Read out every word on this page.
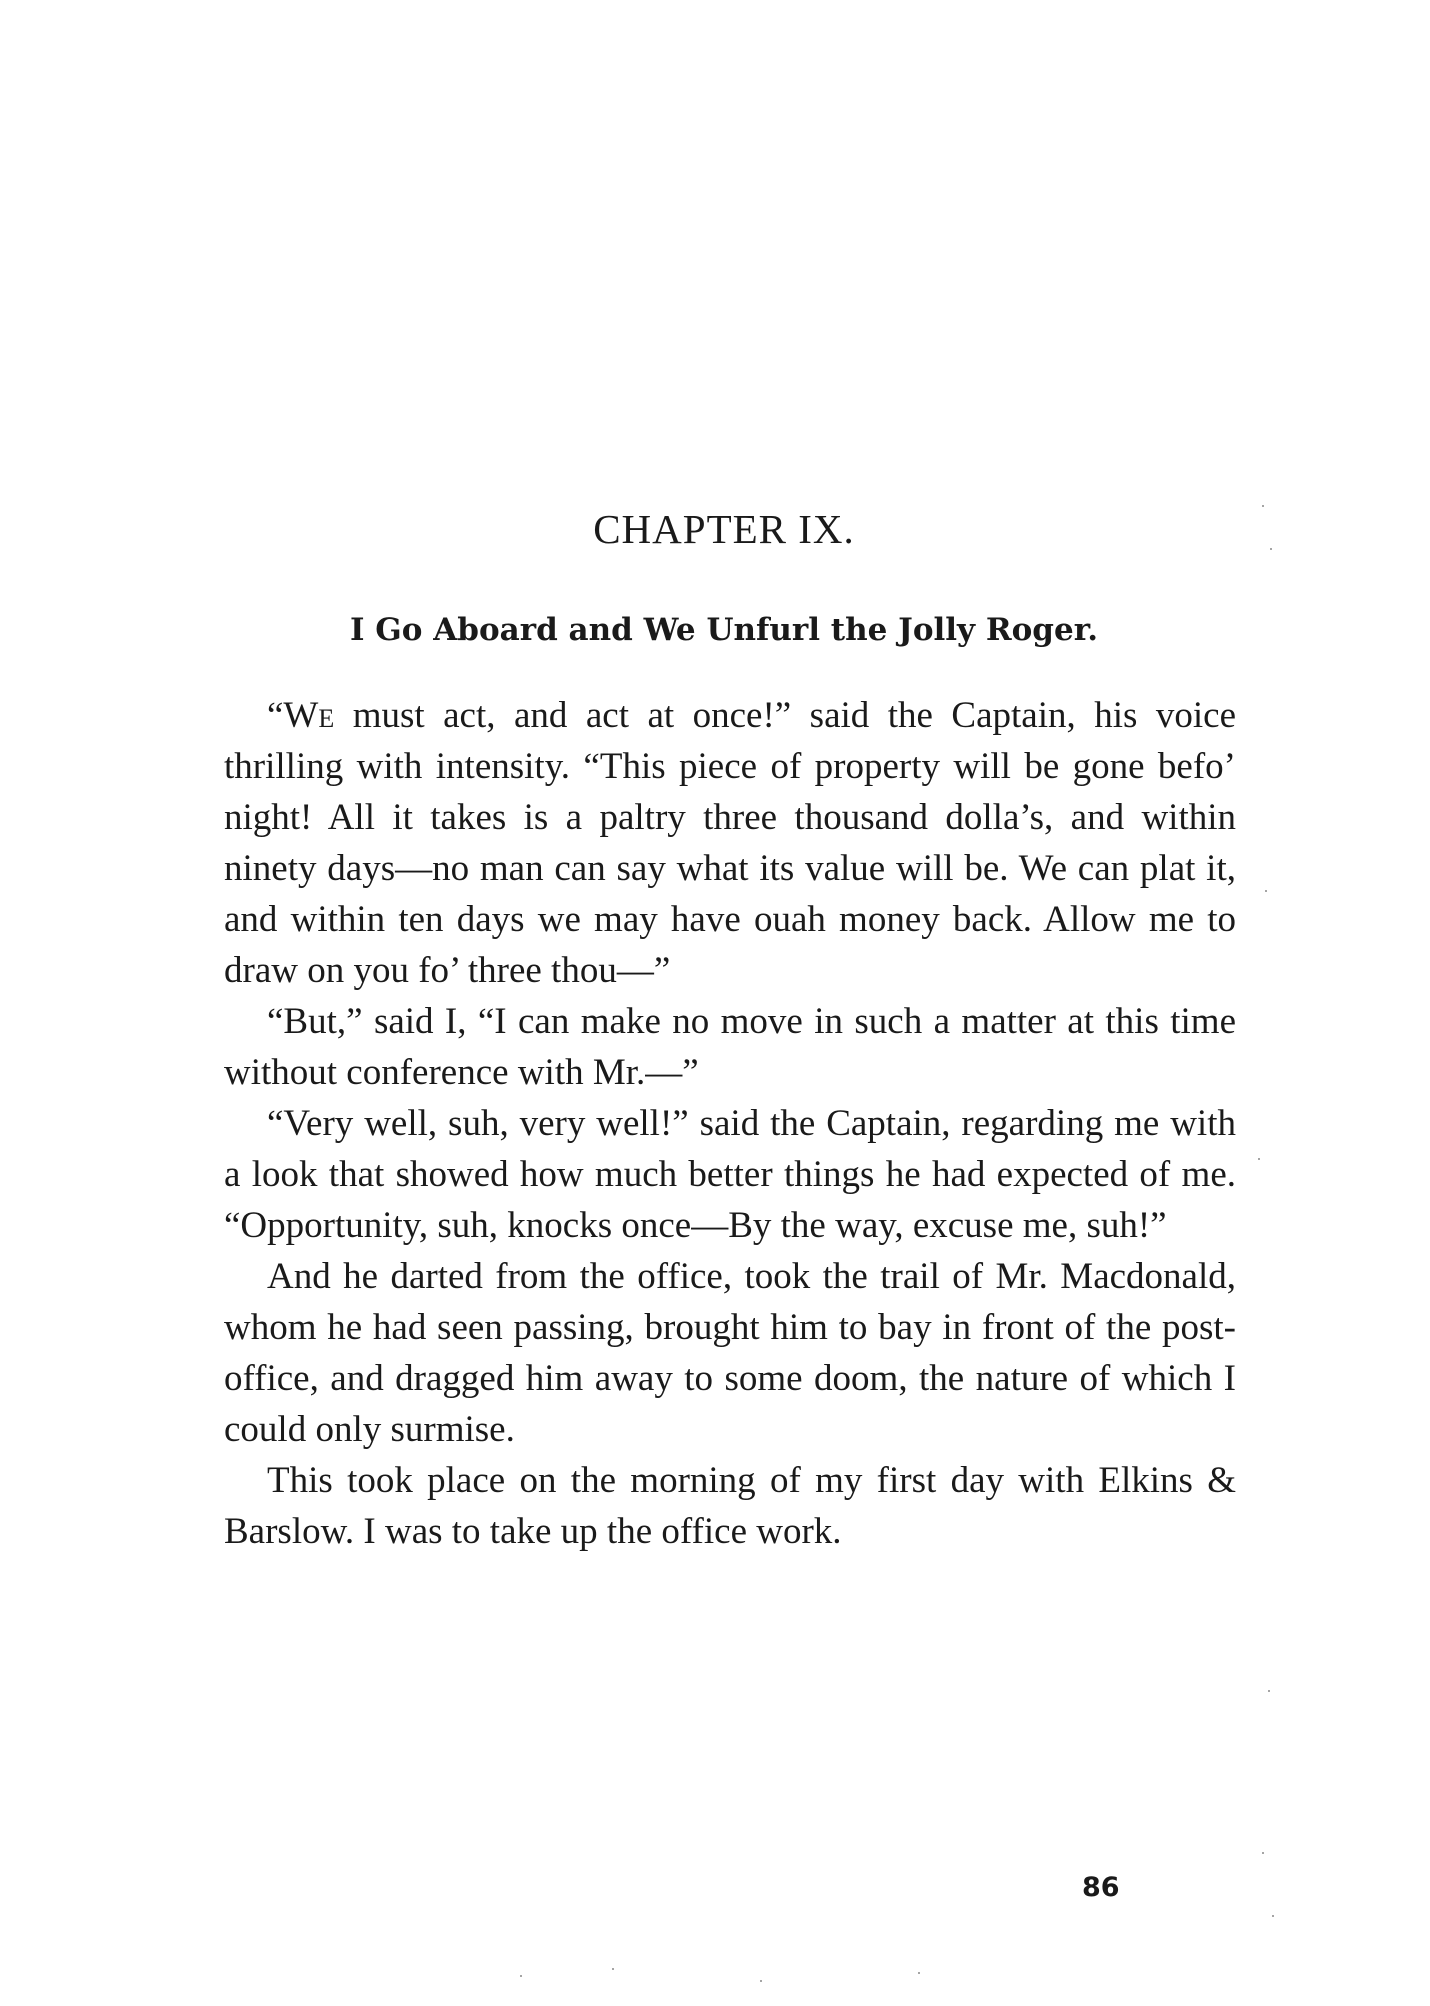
CHAPTER IX.
I Go Aboard and We Unfurl the Jolly Roger.

“We must act, and act at once!” said the Captain, his voice thrilling with intensity. “This piece of property will be gone befo’ night! All it takes is a paltry three thousand dolla’s, and within ninety days—no man can say what its value will be. We can plat it, and within ten days we may have ouah money back. Allow me to draw on you fo’ three thou—”

“But,” said I, “I can make no move in such a matter at this time without conference with Mr.—”

“Very well, suh, very well!” said the Captain, regarding me with a look that showed how much better things he had expected of me. “Opportunity, suh, knocks once—By the way, excuse me, suh!”

And he darted from the office, took the trail of Mr. Macdonald, whom he had seen passing, brought him to bay in front of the post-office, and dragged him away to some doom, the nature of which I could only surmise.

This took place on the morning of my first day with Elkins & Barslow. I was to take up the office work.

86
